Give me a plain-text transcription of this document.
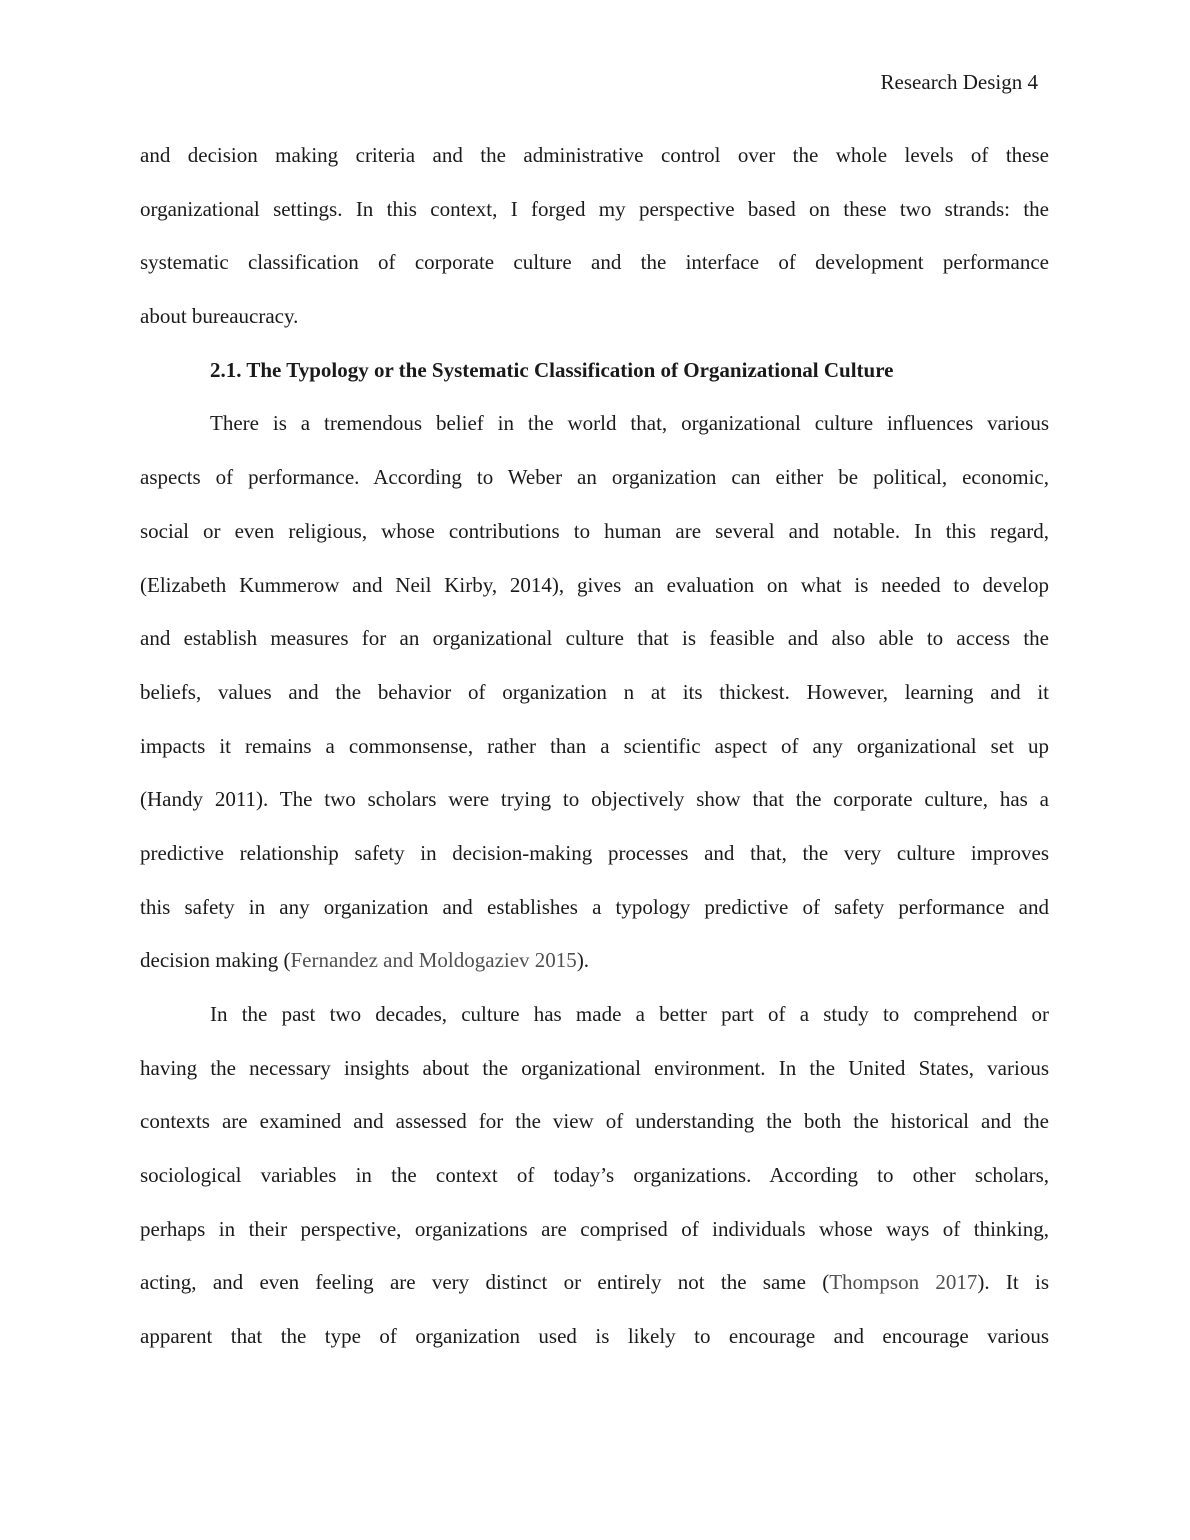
Research Design 4
and decision making criteria and the administrative control over the whole levels of these
organizational settings. In this context, I forged my perspective based on these two strands: the
systematic classification of corporate culture and the interface of development performance
about bureaucracy.
2.1. The Typology or the Systematic Classification of Organizational Culture
There is a tremendous belief in the world that, organizational culture influences various
aspects of performance. According to Weber an organization can either be political, economic,
social or even religious, whose contributions to human are several and notable. In this regard,
(Elizabeth Kummerow and Neil Kirby, 2014), gives an evaluation on what is needed to develop
and establish measures for an organizational culture that is feasible and also able to access the
beliefs, values and the behavior of organization n at its thickest. However, learning and it
impacts it remains a commonsense, rather than a scientific aspect of any organizational set up
(Handy 2011). The two scholars were trying to objectively show that the corporate culture, has a
predictive relationship safety in decision-making processes and that, the very culture improves
this safety in any organization and establishes a typology predictive of safety performance and
decision making (Fernandez and Moldogaziev 2015).
In the past two decades, culture has made a better part of a study to comprehend or
having the necessary insights about the organizational environment. In the United States, various
contexts are examined and assessed for the view of understanding the both the historical and the
sociological variables in the context of today’s organizations. According to other scholars,
perhaps in their perspective, organizations are comprised of individuals whose ways of thinking,
acting, and even feeling are very distinct or entirely not the same (Thompson 2017). It is
apparent that the type of organization used is likely to encourage and encourage various
